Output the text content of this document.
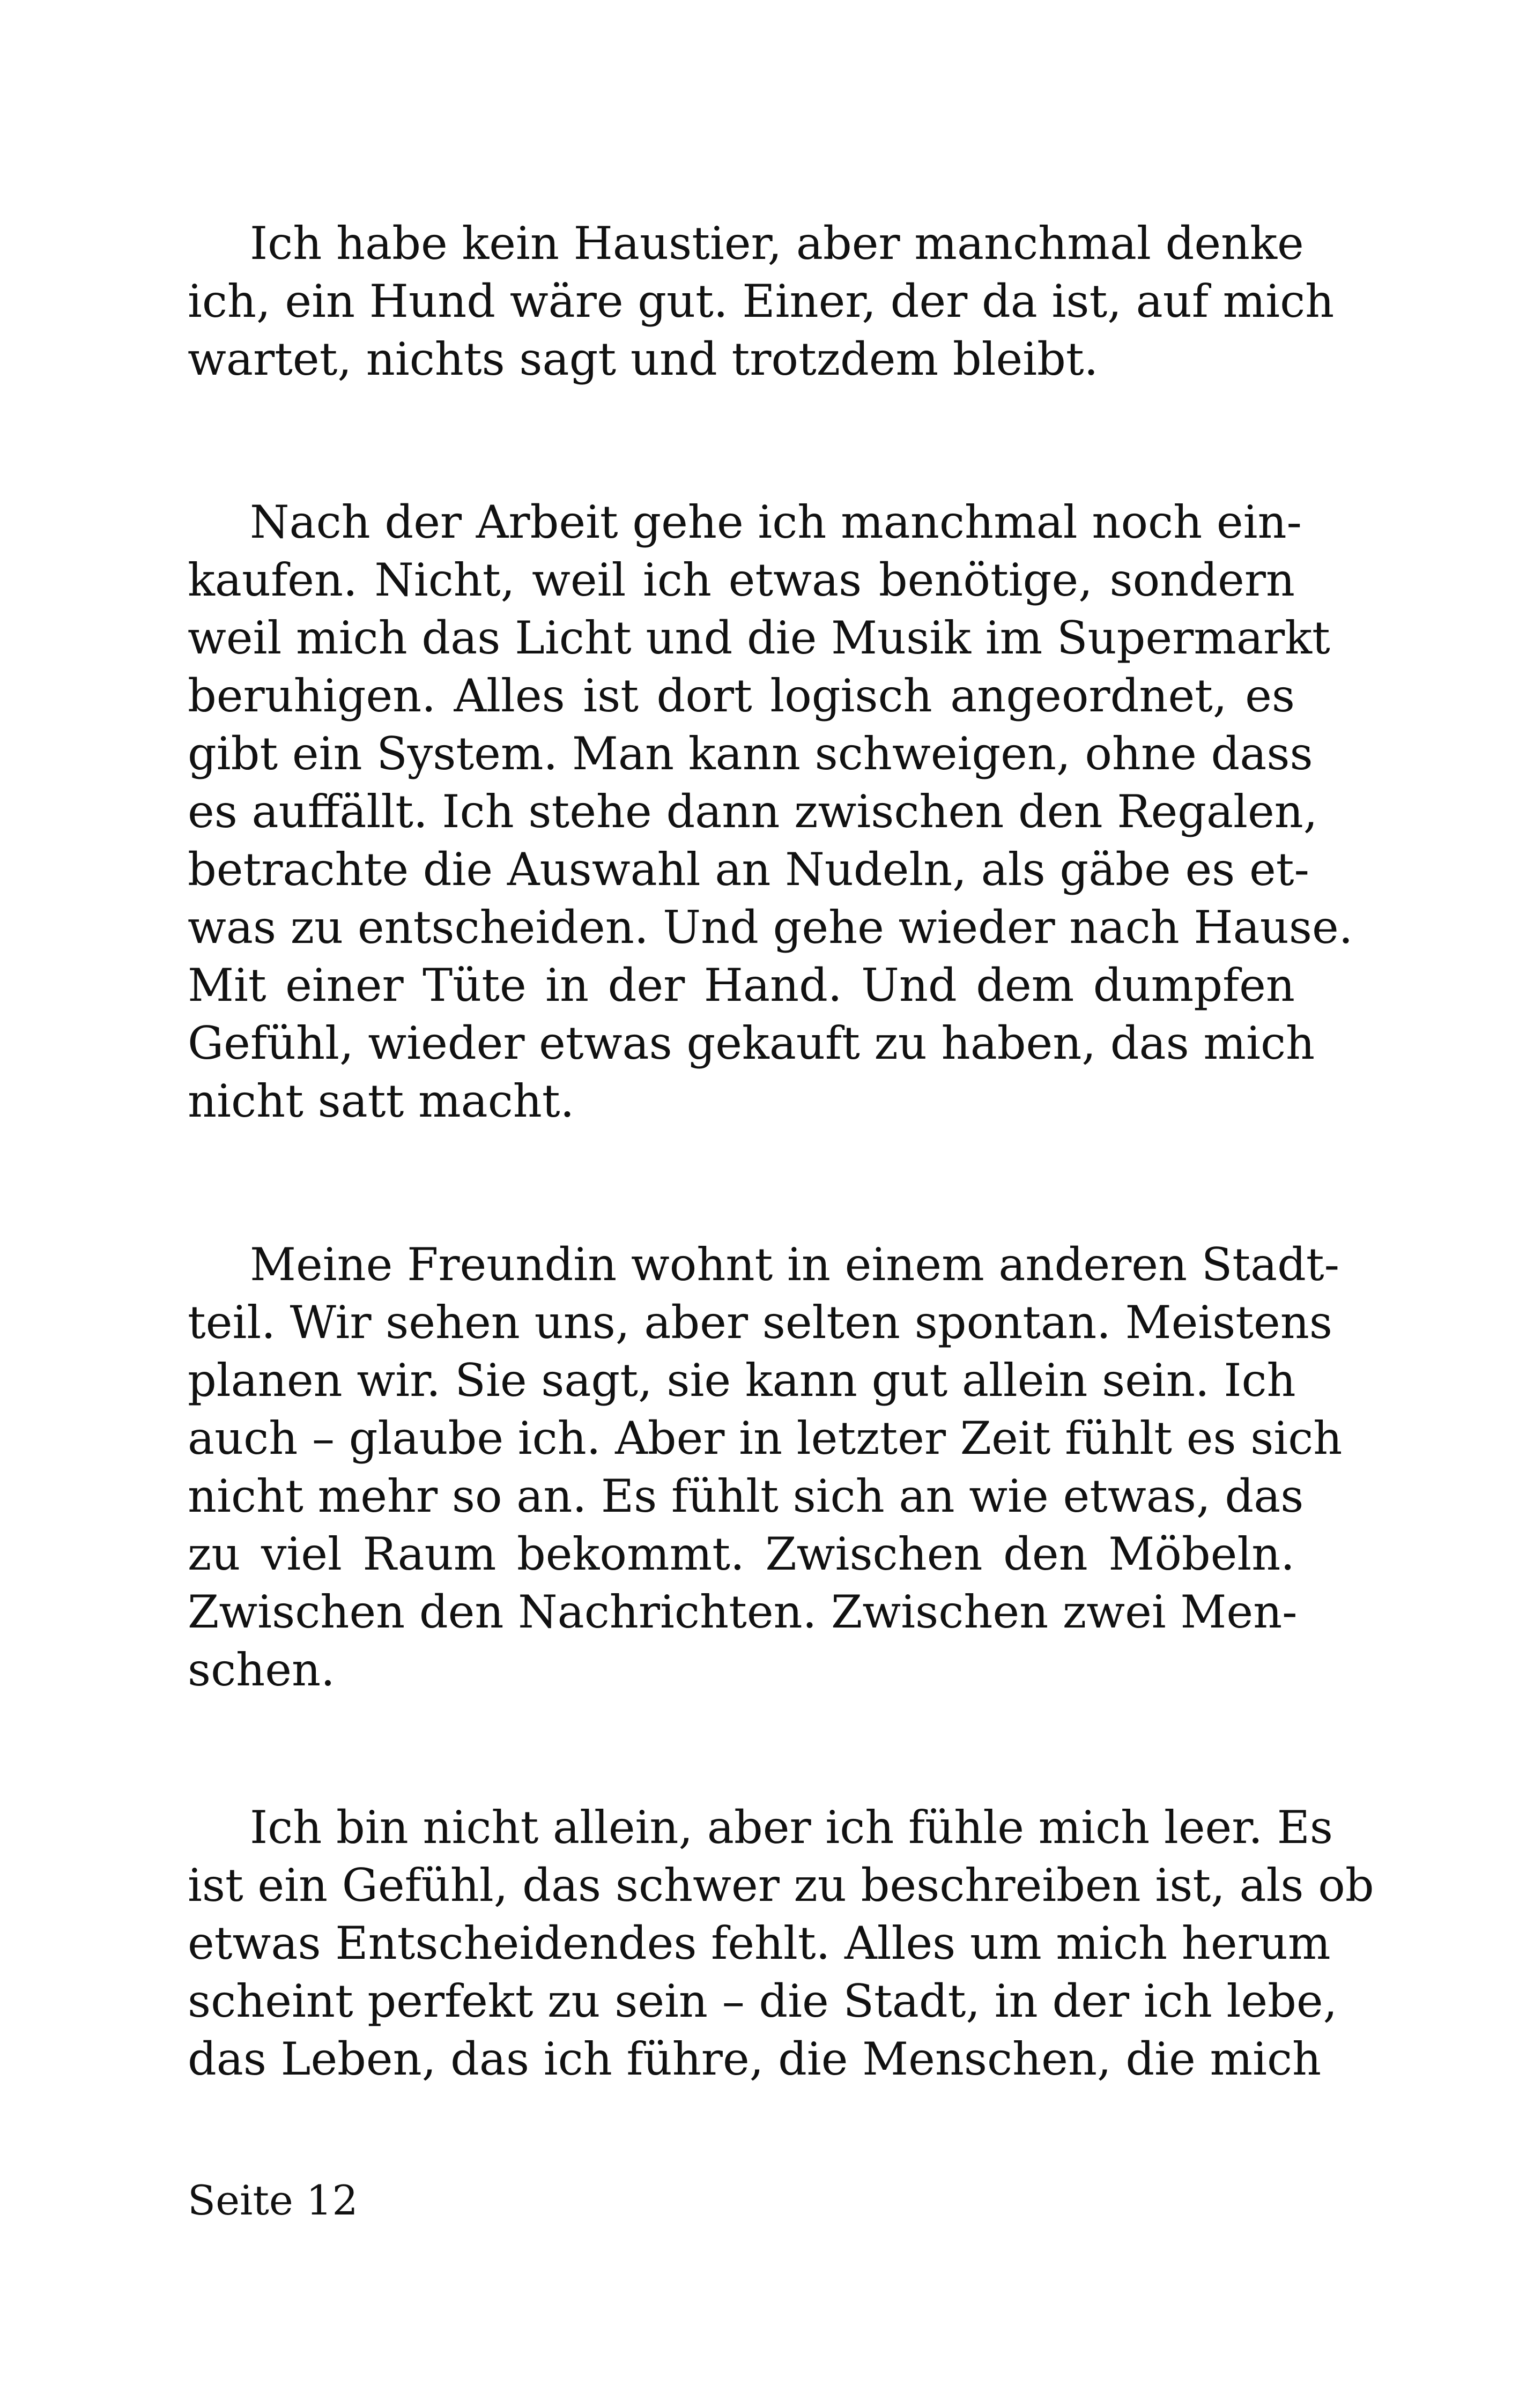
Ich habe kein Haustier, aber manchmal denke
ich, ein Hund wäre gut. Einer, der da ist, auf mich
wartet, nichts sagt und trotzdem bleibt.
Nach der Arbeit gehe ich manchmal noch ein-
kaufen. Nicht, weil ich etwas benötige, sondern
weil mich das Licht und die Musik im Supermarkt
beruhigen. Alles ist dort logisch angeordnet, es
gibt ein System. Man kann schweigen, ohne dass
es auffällt. Ich stehe dann zwischen den Regalen,
betrachte die Auswahl an Nudeln, als gäbe es et-
was zu entscheiden. Und gehe wieder nach Hause.
Mit einer Tüte in der Hand. Und dem dumpfen
Gefühl, wieder etwas gekauft zu haben, das mich
nicht satt macht.
Meine Freundin wohnt in einem anderen Stadt-
teil. Wir sehen uns, aber selten spontan. Meistens
planen wir. Sie sagt, sie kann gut allein sein. Ich
auch – glaube ich. Aber in letzter Zeit fühlt es sich
nicht mehr so an. Es fühlt sich an wie etwas, das
zu viel Raum bekommt. Zwischen den Möbeln.
Zwischen den Nachrichten. Zwischen zwei Men-
schen.
Ich bin nicht allein, aber ich fühle mich leer. Es
ist ein Gefühl, das schwer zu beschreiben ist, als ob
etwas Entscheidendes fehlt. Alles um mich herum
scheint perfekt zu sein – die Stadt, in der ich lebe,
das Leben, das ich führe, die Menschen, die mich
Seite 12
